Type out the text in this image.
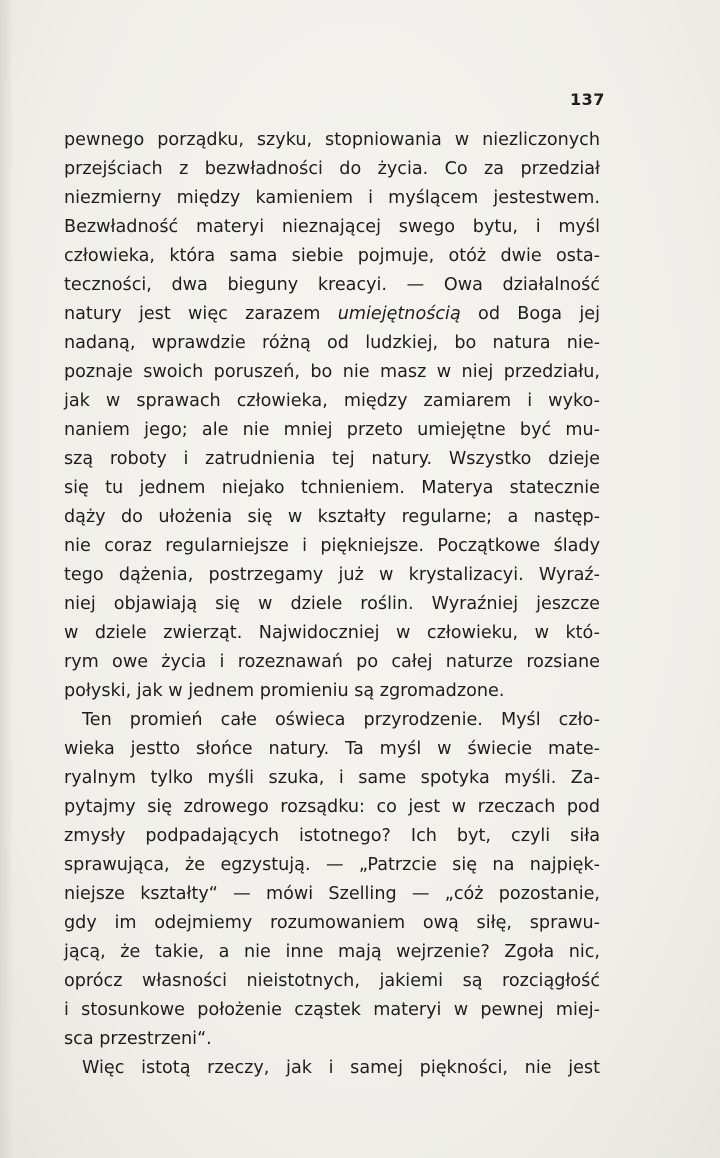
137
pewnego porządku, szyku, stopniowania w niezliczonych
przejściach z bezwładności do życia. Co za przedział
niezmierny między kamieniem i myślącem jestestwem.
Bezwładność materyi nieznającej swego bytu, i myśl
człowieka, która sama siebie pojmuje, otóż dwie osta-
teczności, dwa bieguny kreacyi. — Owa działalność
natury jest więc zarazem umiejętnością od Boga jej
nadaną, wprawdzie różną od ludzkiej, bo natura nie-
poznaje swoich poruszeń, bo nie masz w niej przedziału,
jak w sprawach człowieka, między zamiarem i wyko-
naniem jego; ale nie mniej przeto umiejętne być mu-
szą roboty i zatrudnienia tej natury. Wszystko dzieje
się tu jednem niejako tchnieniem. Materya statecznie
dąży do ułożenia się w kształty regularne; a następ-
nie coraz regularniejsze i piękniejsze. Początkowe ślady
tego dążenia, postrzegamy już w krystalizacyi. Wyraź-
niej objawiają się w dziele roślin. Wyraźniej jeszcze
w dziele zwierząt. Najwidoczniej w człowieku, w któ-
rym owe życia i rozeznawań po całej naturze rozsiane
połyski, jak w jednem promieniu są zgromadzone.
Ten promień całe oświeca przyrodzenie. Myśl czło-
wieka jestto słońce natury. Ta myśl w świecie mate-
ryalnym tylko myśli szuka, i same spotyka myśli. Za-
pytajmy się zdrowego rozsądku: co jest w rzeczach pod
zmysły podpadających istotnego? Ich byt, czyli siła
sprawująca, że egzystują. — „Patrzcie się na najpięk-
niejsze kształty“ — mówi Szelling — „cóż pozostanie,
gdy im odejmiemy rozumowaniem ową siłę, sprawu-
jącą, że takie, a nie inne mają wejrzenie? Zgoła nic,
oprócz własności nieistotnych, jakiemi są rozciągłość
i stosunkowe położenie cząstek materyi w pewnej miej-
sca przestrzeni“.
Więc istotą rzeczy, jak i samej piękności, nie jest
